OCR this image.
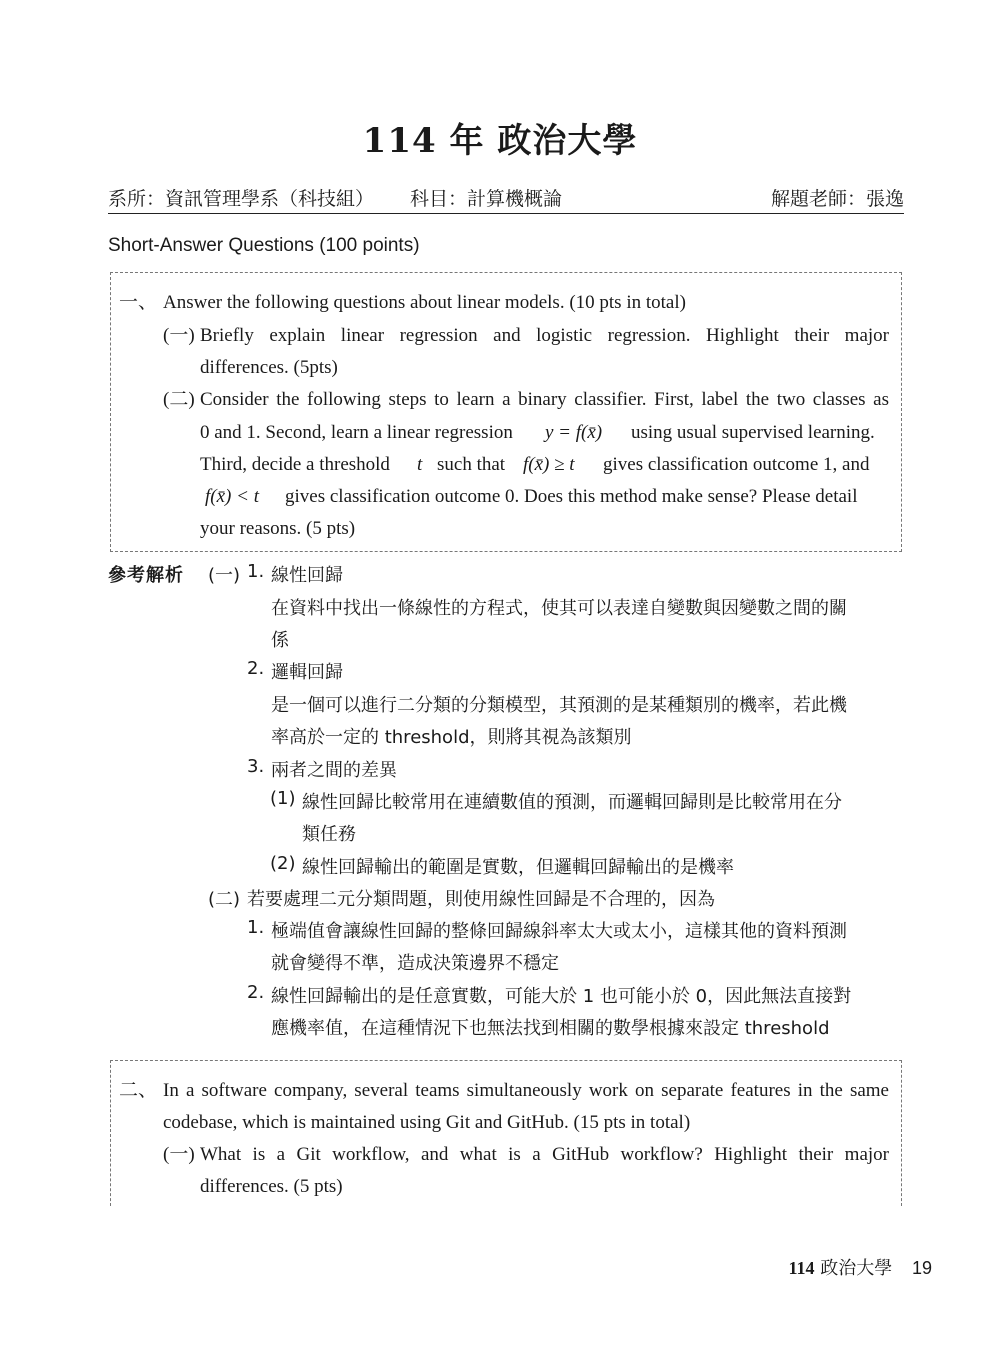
114 年 政治大學
系所：資訊管理學系（科技組） 科目：計算機概論	解題老師：張逸
Short-Answer Questions (100 points)
一、 Answer the following questions about linear models. (10 pts in total)
(一) Briefly explain linear regression and logistic regression. Highlight their major
differences. (5pts)
(二) Consider the following steps to learn a binary classifier. First, label the two classes as
0 and 1. Second, learn a linear regression y = f(x̄) using usual supervised learning.
Third, decide a threshold t such that f(x̄) ≥ t gives classification outcome 1, and
f(x̄) < t gives classification outcome 0. Does this method make sense? Please detail
your reasons. (5 pts)
參考解析 (一) 1. 線性回歸
在資料中找出一條線性的方程式，使其可以表達自變數與因變數之間的關
係
2. 邏輯回歸
是一個可以進行二分類的分類模型，其預測的是某種類別的機率，若此機
率高於一定的 threshold，則將其視為該類別
3. 兩者之間的差異
(1) 線性回歸比較常用在連續數值的預測，而邏輯回歸則是比較常用在分
類任務
(2) 線性回歸輸出的範圍是實數，但邏輯回歸輸出的是機率
(二) 若要處理二元分類問題，則使用線性回歸是不合理的，因為
1. 極端值會讓線性回歸的整條回歸線斜率太大或太小，這樣其他的資料預測
就會變得不準，造成決策邊界不穩定
2. 線性回歸輸出的是任意實數，可能大於 1 也可能小於 0，因此無法直接對
應機率值，在這種情況下也無法找到相關的數學根據來設定 threshold
二、 In a software company, several teams simultaneously work on separate features in the same
codebase, which is maintained using Git and GitHub. (15 pts in total)
(一) What is a Git workflow, and what is a GitHub workflow? Highlight their major
differences. (5 pts)
114 政治大學 19
